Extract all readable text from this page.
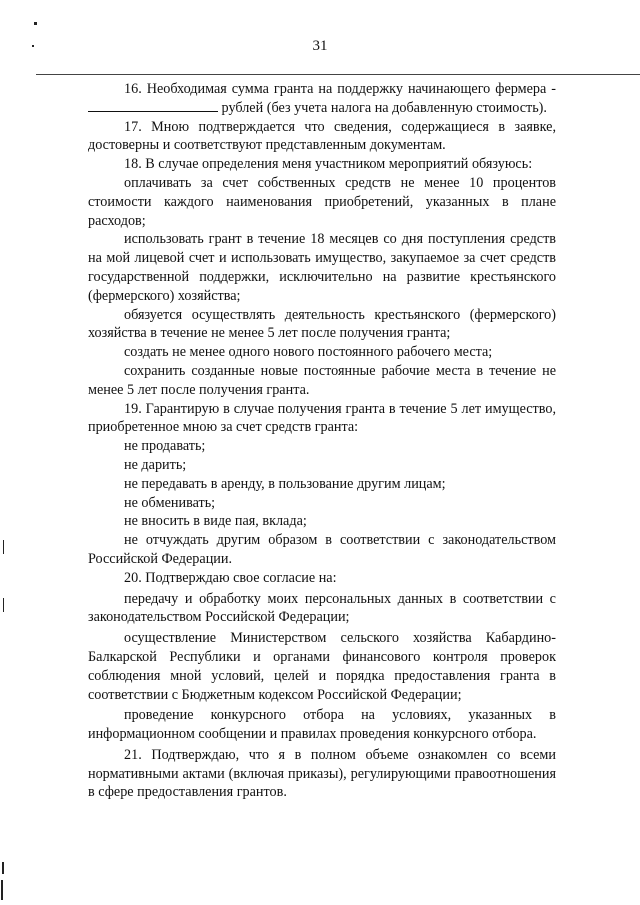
31

16. Необходимая сумма гранта на поддержку начинающего фермера - рублей (без учета налога на добавленную стоимость).

17. Мною подтверждается что сведения, содержащиеся в заявке, достоверны и соответствуют представленным документам.

18. В случае определения меня участником мероприятий обязуюсь:

оплачивать за счет собственных средств не менее 10 процентов стоимости каждого наименования приобретений, указанных в плане расходов;

использовать грант в течение 18 месяцев со дня поступления средств на мой лицевой счет и использовать имущество, закупаемое за счет средств государственной поддержки, исключительно на развитие крестьянского (фермерского) хозяйства;

обязуется осуществлять деятельность крестьянского (фермерского) хозяйства в течение не менее 5 лет после получения гранта;

создать не менее одного нового постоянного рабочего места;

сохранить созданные новые постоянные рабочие места в течение не менее 5 лет после получения гранта.

19. Гарантирую в случае получения гранта в течение 5 лет имущество, приобретенное мною за счет средств гранта:

не продавать;

не дарить;

не передавать в аренду, в пользование другим лицам;

не обменивать;

не вносить в виде пая, вклада;

не отчуждать другим образом в соответствии с законодательством Российской Федерации.

20. Подтверждаю свое согласие на:

передачу и обработку моих персональных данных в соответствии с законодательством Российской Федерации;

осуществление Министерством сельского хозяйства Кабардино-Балкарской Республики и органами финансового контроля проверок соблюдения мной условий, целей и порядка предоставления гранта в соответствии с Бюджетным кодексом Российской Федерации;

проведение конкурсного отбора на условиях, указанных в информационном сообщении и правилах проведения конкурсного отбора.

21. Подтверждаю, что я в полном объеме ознакомлен со всеми нормативными актами (включая приказы), регулирующими правоотношения в сфере предоставления грантов.
